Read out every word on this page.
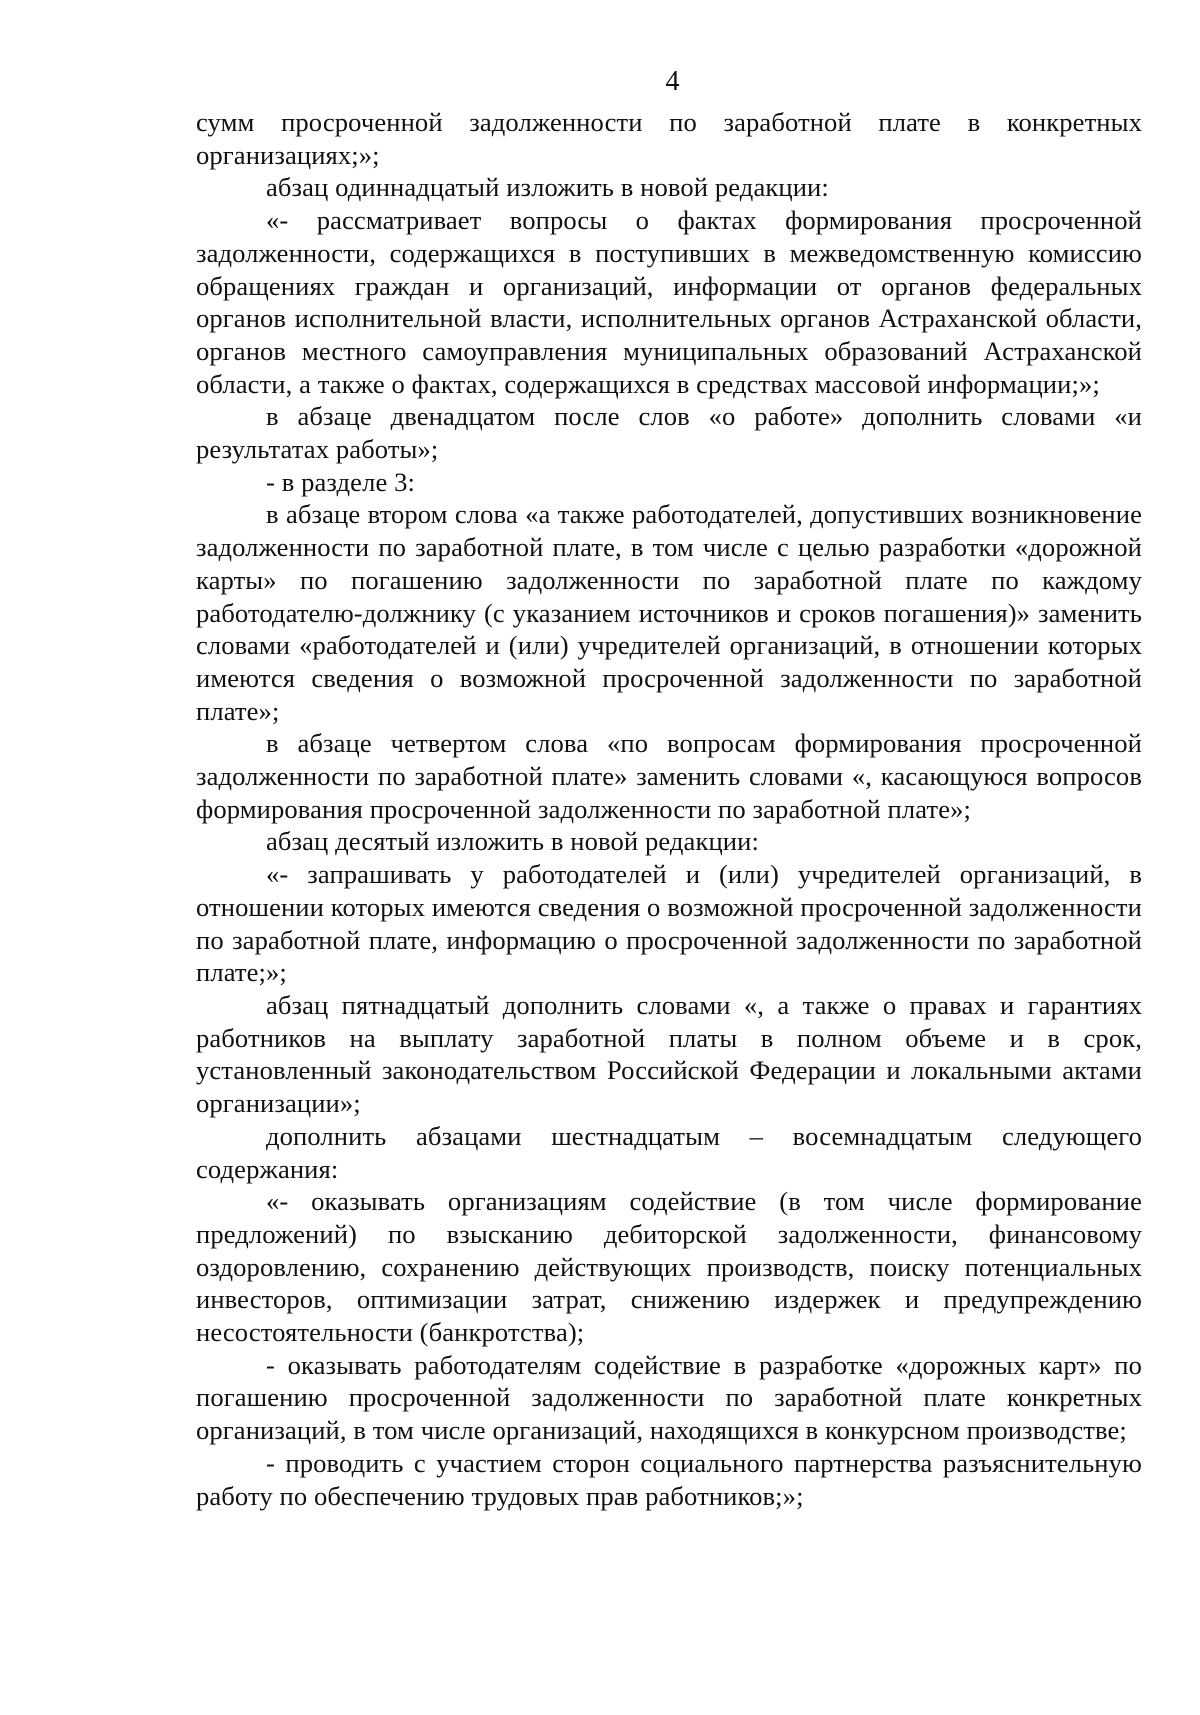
4

сумм просроченной задолженности по заработной плате в конкретных организациях;»;

абзац одиннадцатый изложить в новой редакции:

«- рассматривает вопросы о фактах формирования просроченной задолженности, содержащихся в поступивших в межведомственную комиссию обращениях граждан и организаций, информации от органов федеральных органов исполнительной власти, исполнительных органов Астраханской области, органов местного самоуправления муниципальных образований Астраханской области, а также о фактах, содержащихся в средствах массовой информации;»;

в абзаце двенадцатом после слов «о работе» дополнить словами «и результатах работы»;

- в разделе 3:

в абзаце втором слова «а также работодателей, допустивших возникновение задолженности по заработной плате, в том числе с целью разработки «дорожной карты» по погашению задолженности по заработной плате по каждому работодателю-должнику (с указанием источников и сроков погашения)» заменить словами «работодателей и (или) учредителей организаций, в отношении которых имеются сведения о возможной просроченной задолженности по заработной плате»;

в абзаце четвертом слова «по вопросам формирования просроченной задолженности по заработной плате» заменить словами «, касающуюся вопросов формирования просроченной задолженности по заработной плате»;

абзац десятый изложить в новой редакции:

«- запрашивать у работодателей и (или) учредителей организаций, в отношении которых имеются сведения о возможной просроченной задолженности по заработной плате, информацию о просроченной задолженности по заработной плате;»;

абзац пятнадцатый дополнить словами «, а также о правах и гарантиях работников на выплату заработной платы в полном объеме и в срок, установленный законодательством Российской Федерации и локальными актами организации»;

дополнить абзацами шестнадцатым – восемнадцатым следующего содержания:

«- оказывать организациям содействие (в том числе формирование предложений) по взысканию дебиторской задолженности, финансовому оздоровлению, сохранению действующих производств, поиску потенциальных инвесторов, оптимизации затрат, снижению издержек и предупреждению несостоятельности (банкротства);

- оказывать работодателям содействие в разработке «дорожных карт» по погашению просроченной задолженности по заработной плате конкретных организаций, в том числе организаций, находящихся в конкурсном производстве;

- проводить с участием сторон социального партнерства разъяснительную работу по обеспечению трудовых прав работников;»;
